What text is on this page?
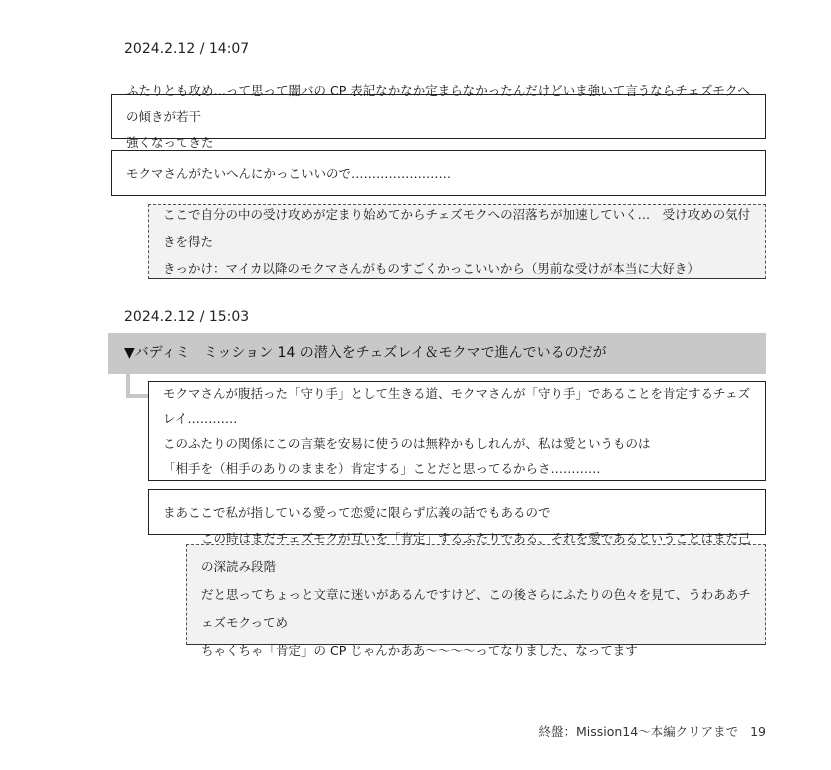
2024.2.12 / 14:07
ふたりとも攻め…って思って闇バの CP 表記なかなか定まらなかったんだけどいま強いて言うならチェズモクへの傾きが若干
強くなってきた
モクマさんがたいへんにかっこいいので……………………
ここで自分の中の受け攻めが定まり始めてからチェズモクへの沼落ちが加速していく…　受け攻めの気付きを得た
きっかけ：マイカ以降のモクマさんがものすごくかっこいいから（男前な受けが本当に大好き）
2024.2.12 / 15:03
▼バディミ　ミッション 14 の潜入をチェズレイ＆モクマで進んでいるのだが
モクマさんが腹括った「守り手」として生きる道、モクマさんが「守り手」であることを肯定するチェズレイ…………
このふたりの関係にこの言葉を安易に使うのは無粋かもしれんが、私は愛というものは
「相手を（相手のありのままを）肯定する」ことだと思ってるからさ…………
まあここで私が指している愛って恋愛に限らず広義の話でもあるので
この時はまだチェズモクが互いを「肯定」するふたりである、それを愛であるということはまだ己の深読み段階
だと思ってちょっと文章に迷いがあるんですけど、この後さらにふたりの色々を見て、うわああチェズモクってめ
ちゃくちゃ「肯定」の CP じゃんかああ～～～～ってなりました、なってます
終盤：Mission14～本編クリアまで 19
